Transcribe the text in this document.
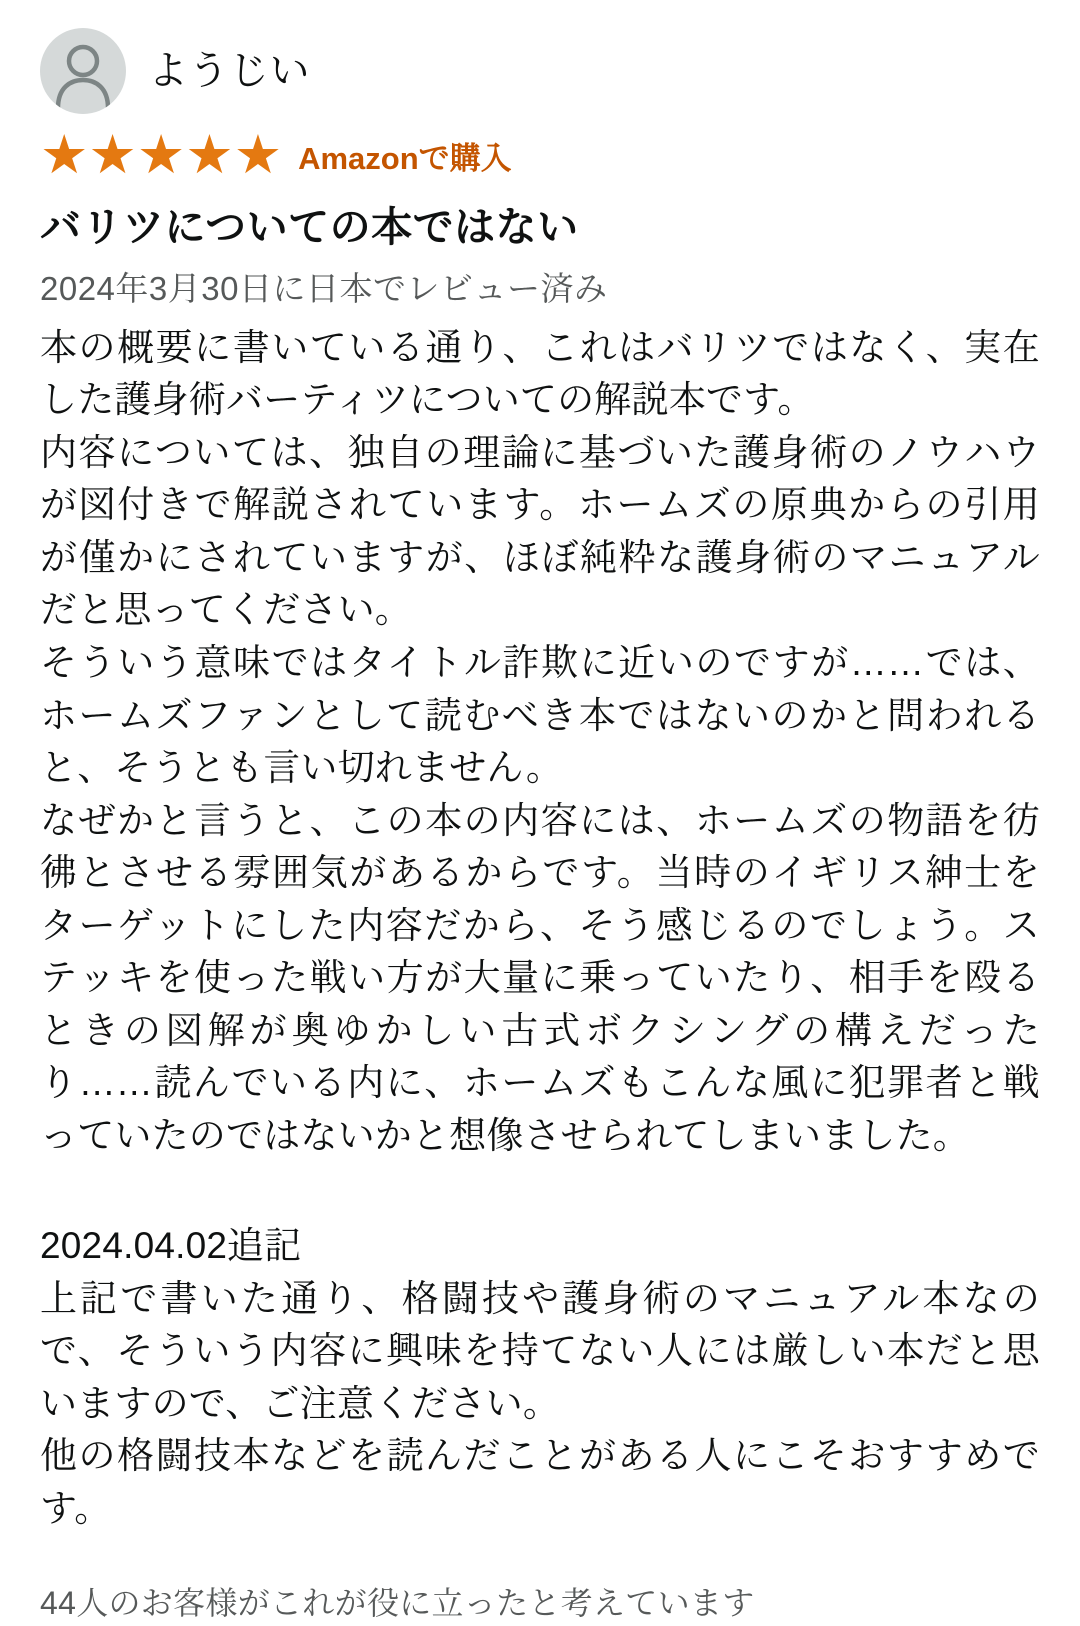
ようじい
★ ★ ★ ★ ★ Amazonで購入
バリツについての本ではない
2024年3月30日に日本でレビュー済み

本の概要に書いている通り、これはバリツではなく、実在した護身術バーティツについての解説本です。

内容については、独自の理論に基づいた護身術のノウハウが図付きで解説されています。ホームズの原典からの引用が僅かにされていますが、ほぼ純粋な護身術のマニュアルだと思ってください。

そういう意味ではタイトル詐欺に近いのですが……では、ホームズファンとして読むべき本ではないのかと問われると、そうとも言い切れません。

なぜかと言うと、この本の内容には、ホームズの物語を彷彿とさせる雰囲気があるからです。当時のイギリス紳士をターゲットにした内容だから、そう感じるのでしょう。ステッキを使った戦い方が大量に乗っていたり、相手を殴るときの図解が奥ゆかしい古式ボクシングの構えだったり……読んでいる内に、ホームズもこんな風に犯罪者と戦っていたのではないかと想像させられてしまいました。

2024.04.02追記

上記で書いた通り、格闘技や護身術のマニュアル本なので、そういう内容に興味を持てない人には厳しい本だと思いますので、ご注意ください。

他の格闘技本などを読んだことがある人にこそおすすめです。

44人のお客様がこれが役に立ったと考えています
